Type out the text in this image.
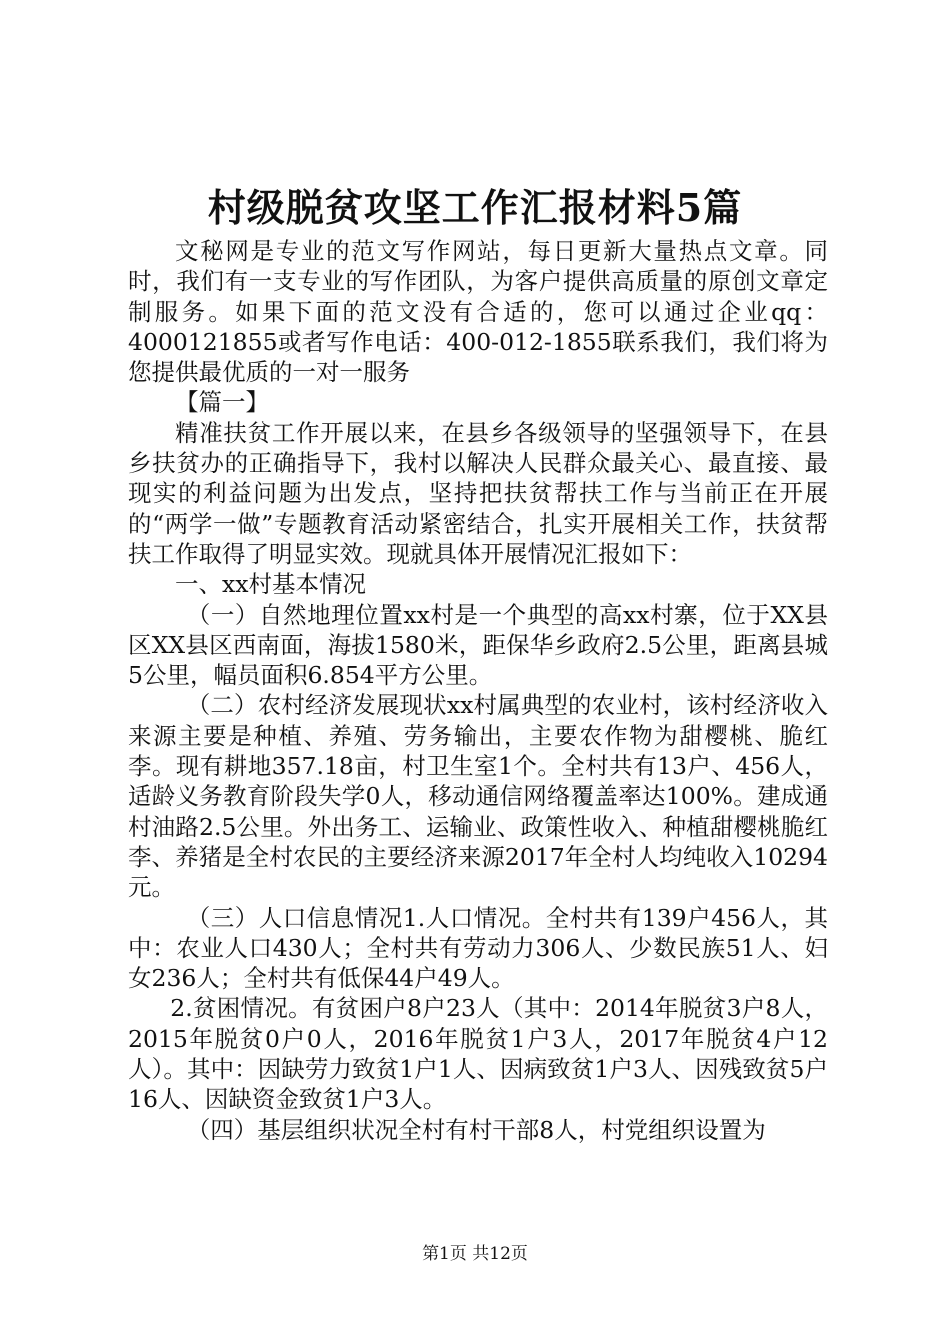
村级脱贫攻坚工作汇报材料5篇

文秘网是专业的范文写作网站，每日更新大量热点文章。同时，我们有一支专业的写作团队，为客户提供高质量的原创文章定制服务。如果下面的范文没有合适的，您可以通过企业qq：4000121855或者写作电话：400-012-1855联系我们，我们将为您提供最优质的一对一服务

【篇一】

精准扶贫工作开展以来，在县乡各级领导的坚强领导下，在县乡扶贫办的正确指导下，我村以解决人民群众最关心、最直接、最现实的利益问题为出发点，坚持把扶贫帮扶工作与当前正在开展的“两学一做”专题教育活动紧密结合，扎实开展相关工作，扶贫帮扶工作取得了明显实效。现就具体开展情况汇报如下：

一、xx村基本情况

（一）自然地理位置xx村是一个典型的高xx村寨，位于XX县区XX县区西南面，海拔1580米，距保华乡政府2.5公里，距离县城5公里，幅员面积6.854平方公里。

（二）农村经济发展现状xx村属典型的农业村，该村经济收入来源主要是种植、养殖、劳务输出，主要农作物为甜樱桃、脆红李。现有耕地357.18亩，村卫生室1个。全村共有13户、456人，适龄义务教育阶段失学0人，移动通信网络覆盖率达100%。建成通村油路2.5公里。外出务工、运输业、政策性收入、种植甜樱桃脆红李、养猪是全村农民的主要经济来源2017年全村人均纯收入10294元。

（三）人口信息情况1.人口情况。全村共有139户456人，其中：农业人口430人；全村共有劳动力306人、少数民族51人、妇女236人；全村共有低保44户49人。

2.贫困情况。有贫困户8户23人（其中：2014年脱贫3户8人，2015年脱贫0户0人，2016年脱贫1户3人，2017年脱贫4户12人）。其中：因缺劳力致贫1户1人、因病致贫1户3人、因残致贫5户16人、因缺资金致贫1户3人。

（四）基层组织状况全村有村干部8人，村党组织设置为

第1页 共12页
